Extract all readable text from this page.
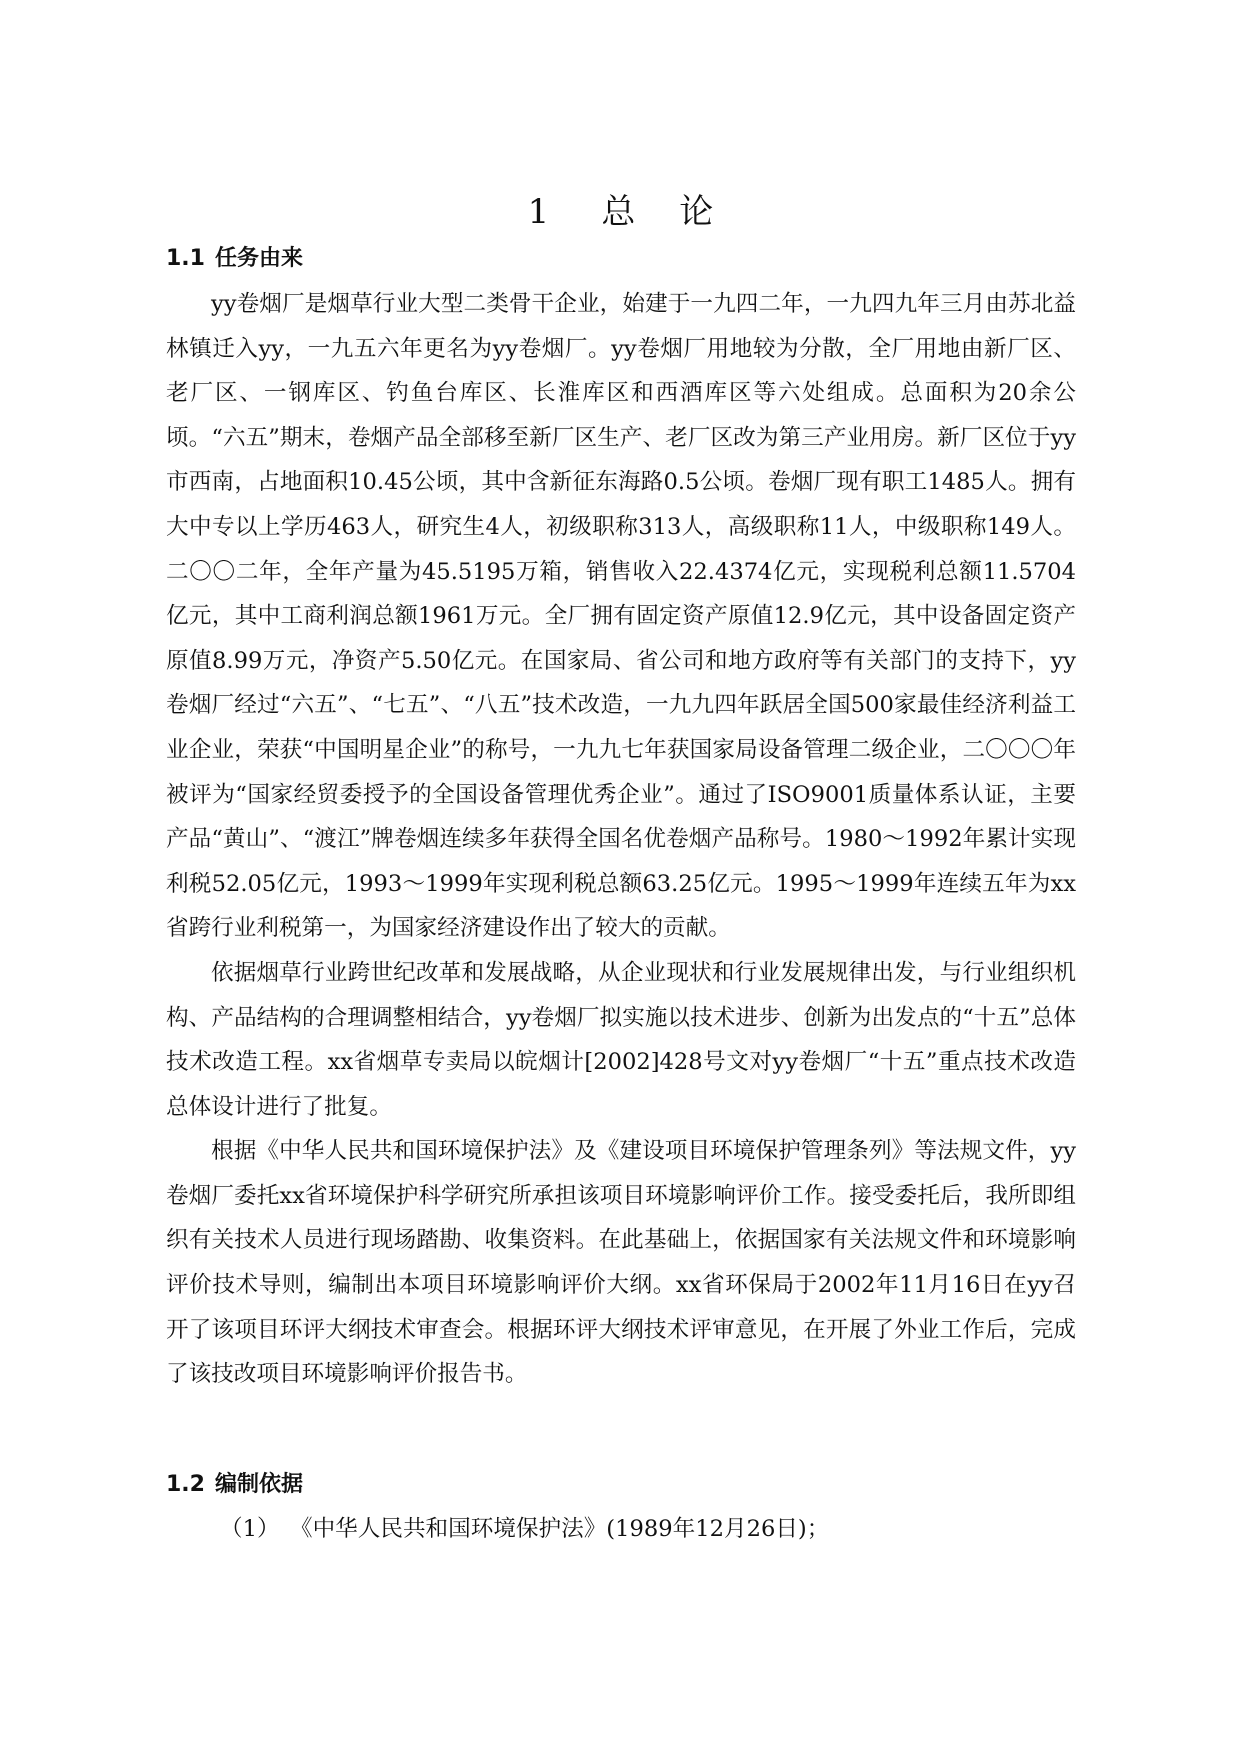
1 总论
1.1 任务由来

yy卷烟厂是烟草行业大型二类骨干企业，始建于一九四二年，一九四九年三月由苏北益林镇迁入yy，一九五六年更名为yy卷烟厂。yy卷烟厂用地较为分散，全厂用地由新厂区、老厂区、一钢库区、钓鱼台库区、长淮库区和西酒库区等六处组成。总面积为20余公顷。“六五”期末，卷烟产品全部移至新厂区生产、老厂区改为第三产业用房。新厂区位于yy市西南，占地面积10.45公顷，其中含新征东海路0.5公顷。卷烟厂现有职工1485人。拥有大中专以上学历463人，研究生4人，初级职称313人，高级职称11人，中级职称149人。二〇〇二年，全年产量为45.5195万箱，销售收入22.4374亿元，实现税利总额11.5704亿元，其中工商利润总额1961万元。全厂拥有固定资产原值12.9亿元，其中设备固定资产原值8.99万元，净资产5.50亿元。在国家局、省公司和地方政府等有关部门的支持下，yy卷烟厂经过“六五”、“七五”、“八五”技术改造，一九九四年跃居全国500家最佳经济利益工业企业，荣获“中国明星企业”的称号，一九九七年获国家局设备管理二级企业，二〇〇〇年被评为“国家经贸委授予的全国设备管理优秀企业”。通过了ISO9001质量体系认证，主要产品“黄山”、“渡江”牌卷烟连续多年获得全国名优卷烟产品称号。1980～1992年累计实现利税52.05亿元，1993～1999年实现利税总额63.25亿元。1995～1999年连续五年为xx省跨行业利税第一，为国家经济建设作出了较大的贡献。

依据烟草行业跨世纪改革和发展战略，从企业现状和行业发展规律出发，与行业组织机构、产品结构的合理调整相结合，yy卷烟厂拟实施以技术进步、创新为出发点的“十五”总体技术改造工程。xx省烟草专卖局以皖烟计[2002]428号文对yy卷烟厂“十五”重点技术改造总体设计进行了批复。

根据《中华人民共和国环境保护法》及《建设项目环境保护管理条列》等法规文件，yy卷烟厂委托xx省环境保护科学研究所承担该项目环境影响评价工作。接受委托后，我所即组织有关技术人员进行现场踏勘、收集资料。在此基础上，依据国家有关法规文件和环境影响评价技术导则，编制出本项目环境影响评价大纲。xx省环保局于2002年11月16日在yy召开了该项目环评大纲技术审查会。根据环评大纲技术评审意见，在开展了外业工作后，完成了该技改项目环境影响评价报告书。

1.2 编制依据

（1） 《中华人民共和国环境保护法》(1989年12月26日)；
